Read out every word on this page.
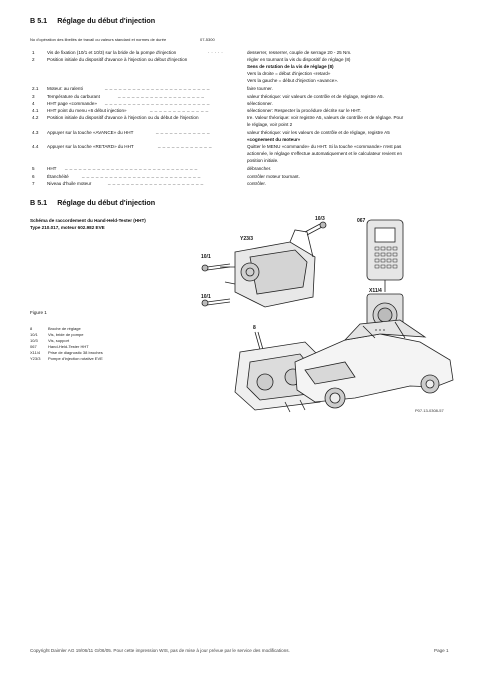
B 5.1 Réglage du début d'injection
No d'opération des libellés de travail ou valeurs standard et normes de durée	07-5300
1	Vis de fixation (10/1 et 10/3) sur la bride de la pompe d'injection	. . . . .	desserrer, resserrer, couple de serrage 20 - 25 Nm.
2	Position initiale du dispositif d'avance à l'injection ou début d'injection	régler en tournant la vis du dispositif de réglage (8)
Sens de rotation de la vis de réglage (8)
Vers la droite = début d'injection «retard»
Vers la gauche = début d'injection «avance».
2.1 Moteur: au ralenti	_ _ _ _ _ _ _ _ _ _ _ _ _ _ _ _ _ _ _ _ _ _ _	faire tourner.
3	Température du carburant	_ _ _ _ _ _ _ _ _ _ _ _ _ _ _ _ _ _ _	valeur théorique: voir valeurs de contrôle et de réglage, registre A5.
4	HHT page «commande» _ _ _ _ _ _ _ _ _ _ _ _ _ _ _ _ _ _ _ _ _ _ _	sélectionner.
4.1 HHT point du menu «6 début injection»	_ _ _ _ _ _ _ _ _ _ _ _ _	sélectionner: Respecter la procédure décrite sur le HHT.
4.2 Position initiale du dispositif d'avance à l'injection ou du début de l'injection	Ire. Valeur théorique: voir registre A5, valeurs de contrôle et de réglage. Pour
le réglage, voir point 2
4.3 Appuyer sur la touche «AVANCE» du HHT	_ _ _ _ _ _ _ _ _ _ _ _	valeur théorique: voir les valeurs de contrôle et de réglage, registre A5
«cognement du moteur»
4.4 Appuyer sur la touche «RETARD» du HHT	_ _ _ _ _ _ _ _ _ _ _ _	Quitter le MENU «commande» du HHT. Si la touche «commande» n'est pas
actionnée, le réglage s'effectue automatiquement et le calculateur revient en
position initiale.
5	HHT _ _ _ _ _ _ _ _ _ _ _ _ _ _ _ _ _ _ _ _ _ _ _ _ _ _ _ _ _	débrancher.
6	Étanchéité	_ _ _ _ _ _ _ _ _ _ _ _ _ _ _ _ _ _ _ _ _ _ _ _ _ _	contrôler moteur tournant.
7	Niveau d'huile moteur	_ _ _ _ _ _ _ _ _ _ _ _ _ _ _ _ _ _ _ _ _	contrôler.
B 5.1 Réglage du début d'injection
Schéma de raccordement du Hand-Held-Tester (HHT)
Type 210.017, moteur 602.982 EVE
Figure 1
8	Broche de réglage
10/1	Vis, bride de pompe
10/3	Vis, support
067	Hand-Held-Tester HHT
X11/4 Prise de diagnostic 38 broches
Y23/3 Pompe d'injection rotative EVE
10/1
Y23/3
10/3	067
10/1
8
X11/4
P07.13-0308-57
Copyright Daimler AG 19/06/11 G/06/05. Pour cette impression WIS, pas de mise à jour prévue par le service des modifications.	Page 1
